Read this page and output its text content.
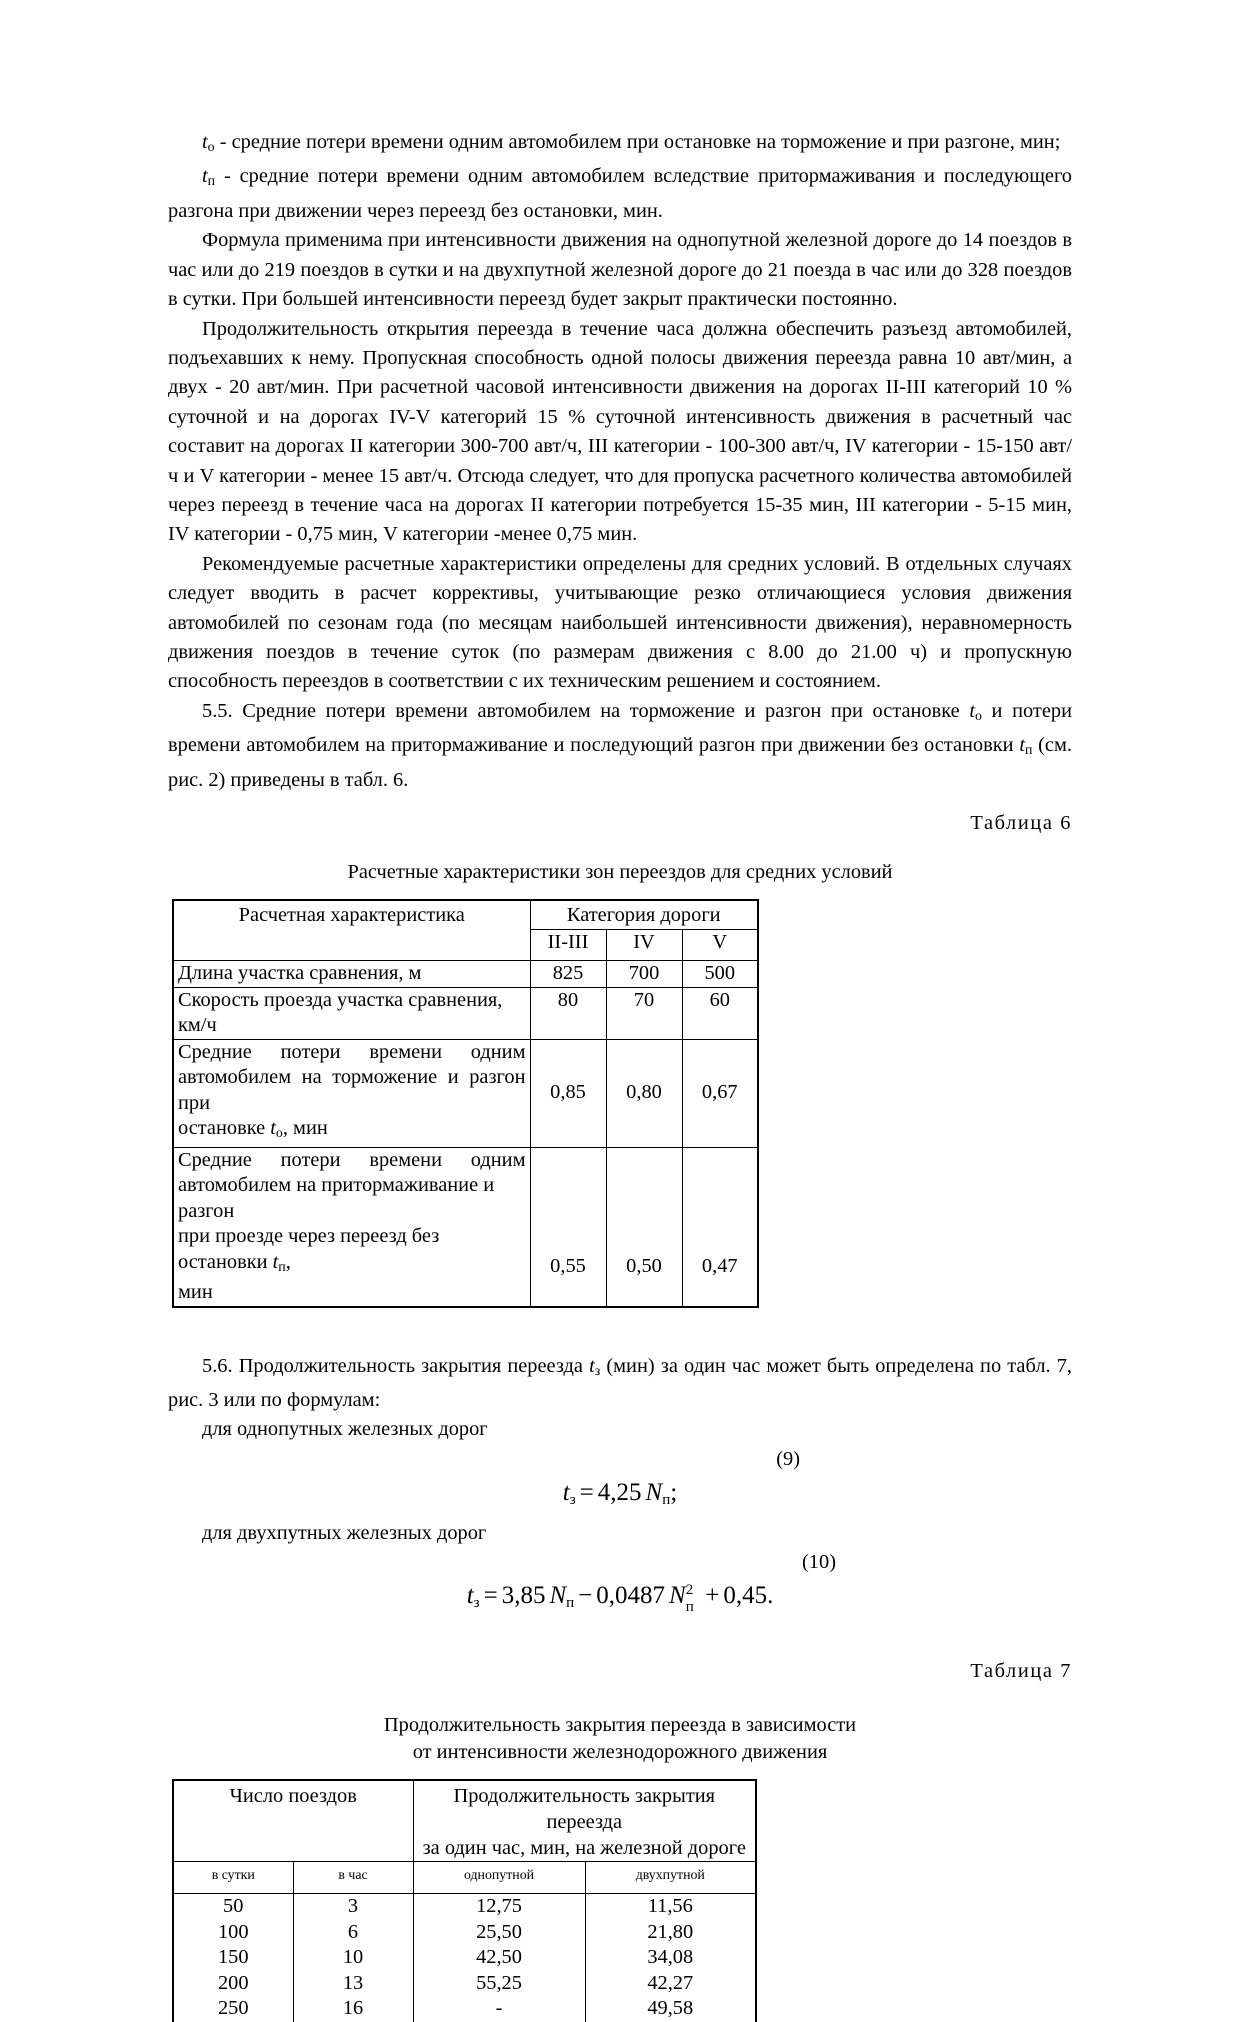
$t_о$ - средние потери времени одним автомобилем при остановке на торможение и при разгоне, мин;

$t_п$ - средние потери времени одним автомобилем вследствие притормаживания и последующего разгона при движении через переезд без остановки, мин.

Формула применима при интенсивности движения на однопутной железной дороге до 14 поездов в час или до 219 поездов в сутки и на двухпутной железной дороге до 21 поезда в час или до 328 поездов в сутки. При большей интенсивности переезд будет закрыт практически постоянно.

Продолжительность открытия переезда в течение часа должна обеспечить разъезд автомобилей, подъехавших к нему. Пропускная способность одной полосы движения переезда равна 10 авт/мин, а двух - 20 авт/мин. При расчетной часовой интенсивности движения на дорогах II-III категорий 10 % суточной и на дорогах IV-V категорий 15 % суточной интенсивность движения в расчетный час составит на дорогах II категории 300-700 авт/ч, III категории - 100-300 авт/ч, IV категории - 15-150 авт/ч и V категории - менее 15 авт/ч. Отсюда следует, что для пропуска расчетного количества автомобилей через переезд в течение часа на дорогах II категории потребуется 15-35 мин, III категории - 5-15 мин, IV категории - 0,75 мин, V категории -менее 0,75 мин.

Рекомендуемые расчетные характеристики определены для средних условий. В отдельных случаях следует вводить в расчет коррективы, учитывающие резко отличающиеся условия движения автомобилей по сезонам года (по месяцам наибольшей интенсивности движения), неравномерность движения поездов в течение суток (по размерам движения с 8.00 до 21.00 ч) и пропускную способность переездов в соответствии с их техническим решением и состоянием.

5.5. Средние потери времени автомобилем на торможение и разгон при остановке $t_о$ и потери времени автомобилем на притормаживание и последующий разгон при движении без остановки $t_п$ (см. рис. 2) приведены в табл. 6.

Таблица 6

Расчетные характеристики зон переездов для средних условий

Расчетная характеристика	Категория дороги		
	II-III	IV	V
Длина участка сравнения, м	825	700	500
Скорость проезда участка сравнения, км/ч	80	70	60

Средние потери времени одним
автомобилем на торможение и разгон при
остановке $t_о$, мин	0,85	0,80	0,67

Средние потери времени одним
автомобилем на притормаживание и разгон
при проезде через переезд без остановки $t_п$,
мин	0,55	0,50	0,47

5.6. Продолжительность закрытия переезда $t_з$ (мин) за один час может быть определена по табл. 7, рис. 3 или по формулам:

для однопутных железных дорог

(9)

tз = 4,25 Nп;

для двухпутных железных дорог

(10)

tз = 3,85 Nп − 0,0487 N 2
п + 0,45.

Таблица 7

Продолжительность закрытия переезда в зависимости

от интенсивности железнодорожного движения

Число поездов		Продолжительность закрытия переезда
за один час, мин, на железной дороге	

в сутки	в час	однопутной	двухпутной
50	3	12,75	11,56
100	6	25,50	21,80
150	10	42,50	34,08
200	13	55,25	42,27
250	16	-	49,58
